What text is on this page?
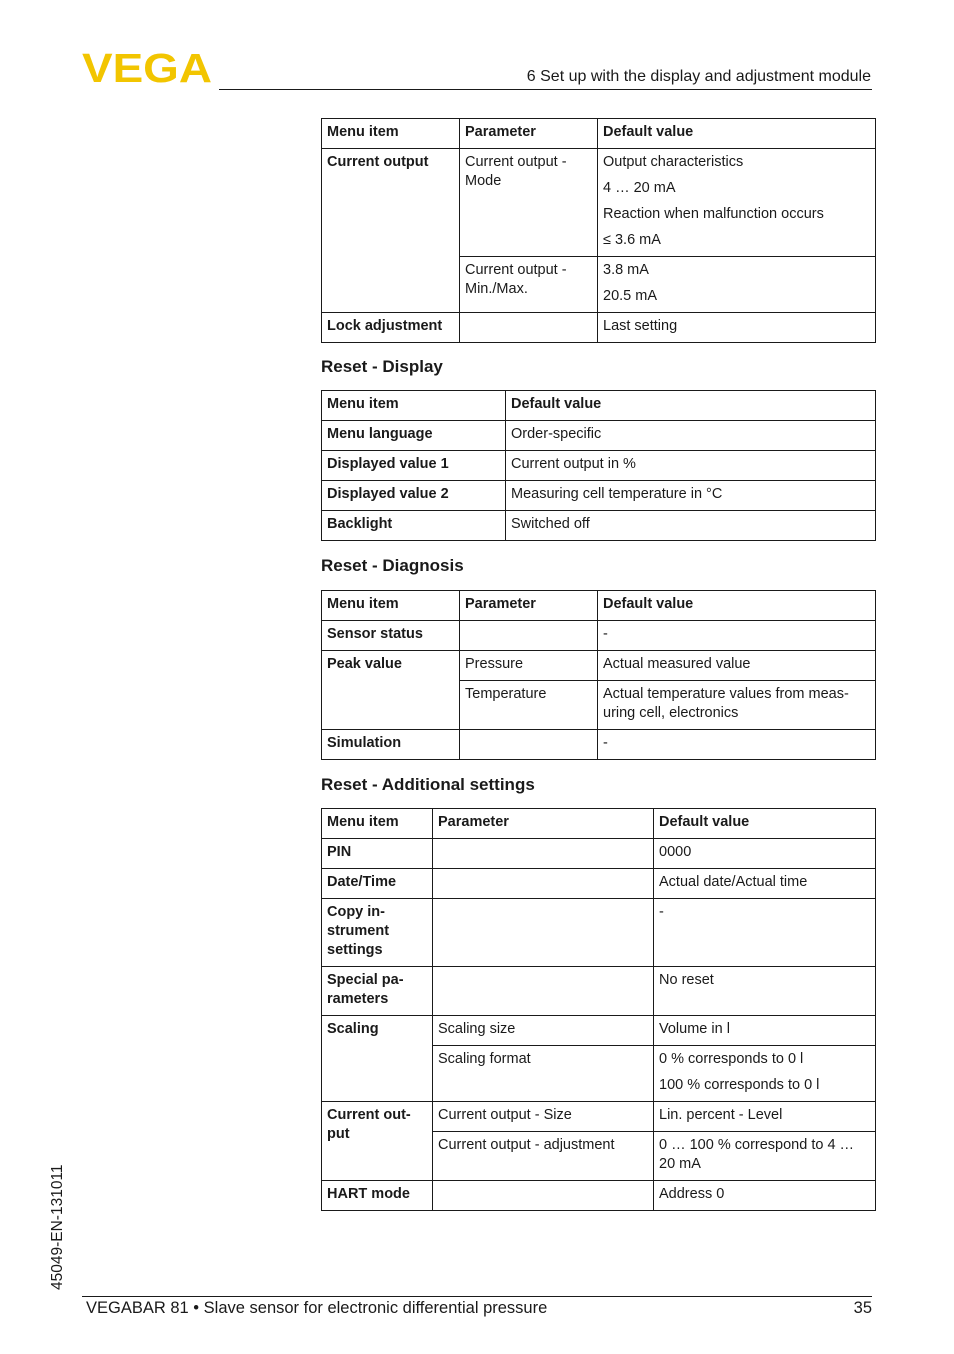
VEGA	6 Set up with the display and adjustment module
Menu item	Parameter	Default value
Current output	Current output - Mode	Output characteristics
4 … 20 mA
Reaction when malfunction occurs
≤ 3.6 mA

	Current output - Min./Max.	3.8 mA
20.5 mA

Lock adjustment		Last setting
Reset - Display
Menu item	Default value
Menu language	Order-specific
Displayed value 1	Current output in %
Displayed value 2	Measuring cell temperature in °C
Backlight	Switched off
Reset - Diagnosis
Menu item	Parameter	Default value
Sensor status		-
Peak value	Pressure	Actual measured value
	Temperature	Actual temperature values from meas-uring cell, electronics
Simulation		-
Reset - Additional settings
Menu item	Parameter	Default value
PIN		0000
Date/Time		Actual date/Actual time
Copy in-strument settings		-
Special pa-rameters		No reset
Scaling	Scaling size	Volume in l
	Scaling format	0 % corresponds to 0 l
100 % corresponds to 0 l

Current out-put	Current output - Size	Lin. percent - Level
	Current output - adjustment	0 … 100 % correspond to 4 … 20 mA
HART mode		Address 0
45049-EN-131011
VEGABAR 81 • Slave sensor for electronic differential pressure	35
